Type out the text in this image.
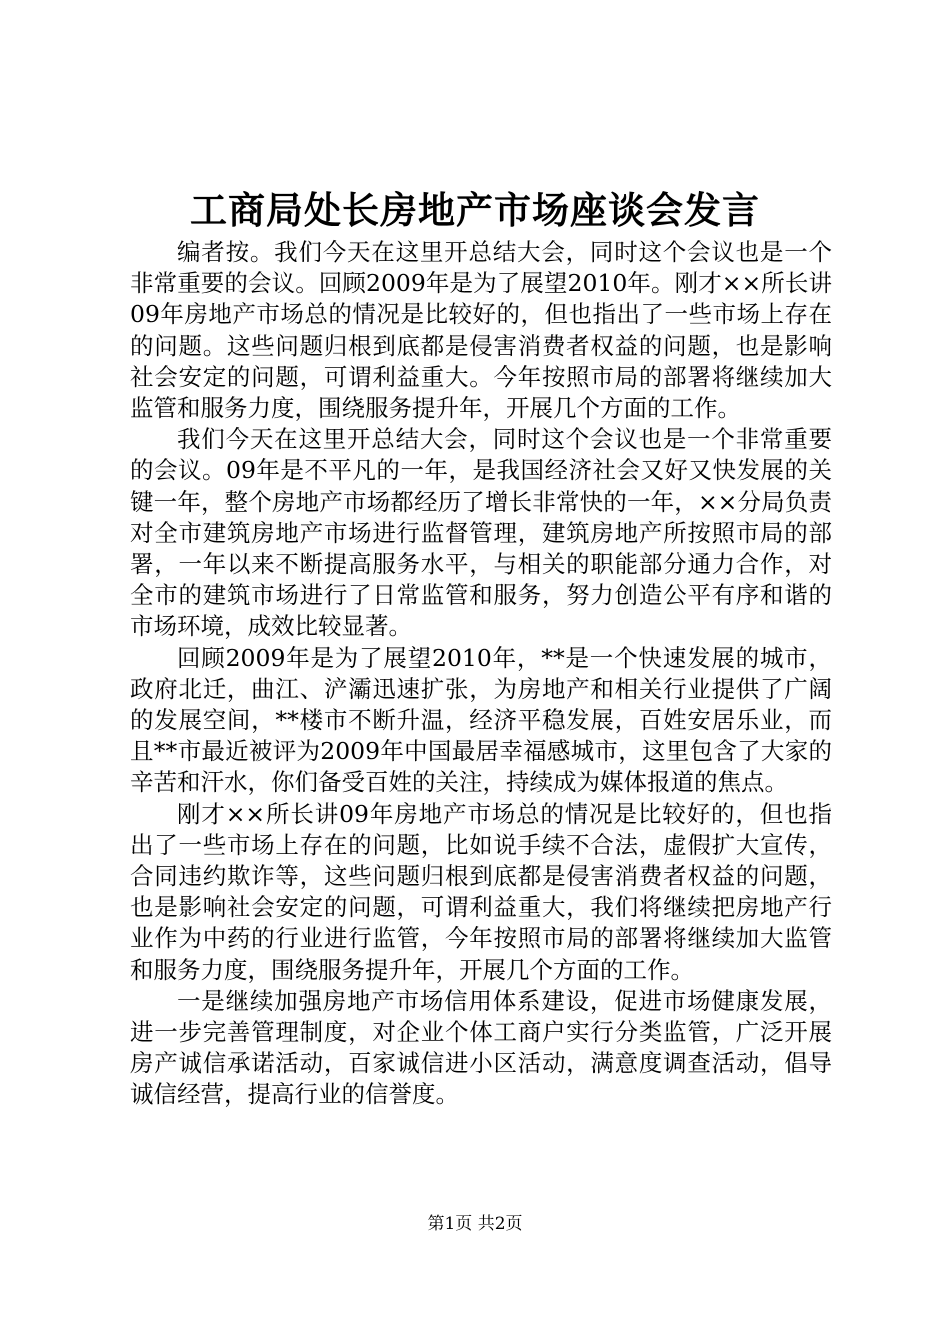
工商局处长房地产市场座谈会发言

编者按。我们今天在这里开总结大会，同时这个会议也是一个非常重要的会议。回顾2009年是为了展望2010年。刚才××所长讲09年房地产市场总的情况是比较好的，但也指出了一些市场上存在的问题。这些问题归根到底都是侵害消费者权益的问题，也是影响社会安定的问题，可谓利益重大。今年按照市局的部署将继续加大监管和服务力度，围绕服务提升年，开展几个方面的工作。

我们今天在这里开总结大会，同时这个会议也是一个非常重要的会议。09年是不平凡的一年，是我国经济社会又好又快发展的关键一年，整个房地产市场都经历了增长非常快的一年，××分局负责对全市建筑房地产市场进行监督管理，建筑房地产所按照市局的部署，一年以来不断提高服务水平，与相关的职能部分通力合作，对全市的建筑市场进行了日常监管和服务，努力创造公平有序和谐的市场环境，成效比较显著。

回顾2009年是为了展望2010年，**是一个快速发展的城市，政府北迁，曲江、浐灞迅速扩张，为房地产和相关行业提供了广阔的发展空间，**楼市不断升温，经济平稳发展，百姓安居乐业，而且**市最近被评为2009年中国最居幸福感城市，这里包含了大家的辛苦和汗水，你们备受百姓的关注，持续成为媒体报道的焦点。

刚才××所长讲09年房地产市场总的情况是比较好的，但也指出了一些市场上存在的问题，比如说手续不合法，虚假扩大宣传，合同违约欺诈等，这些问题归根到底都是侵害消费者权益的问题，也是影响社会安定的问题，可谓利益重大，我们将继续把房地产行业作为中药的行业进行监管，今年按照市局的部署将继续加大监管和服务力度，围绕服务提升年，开展几个方面的工作。

一是继续加强房地产市场信用体系建设，促进市场健康发展，进一步完善管理制度，对企业个体工商户实行分类监管，广泛开展房产诚信承诺活动，百家诚信进小区活动，满意度调查活动，倡导诚信经营，提高行业的信誉度。

第1页 共2页
